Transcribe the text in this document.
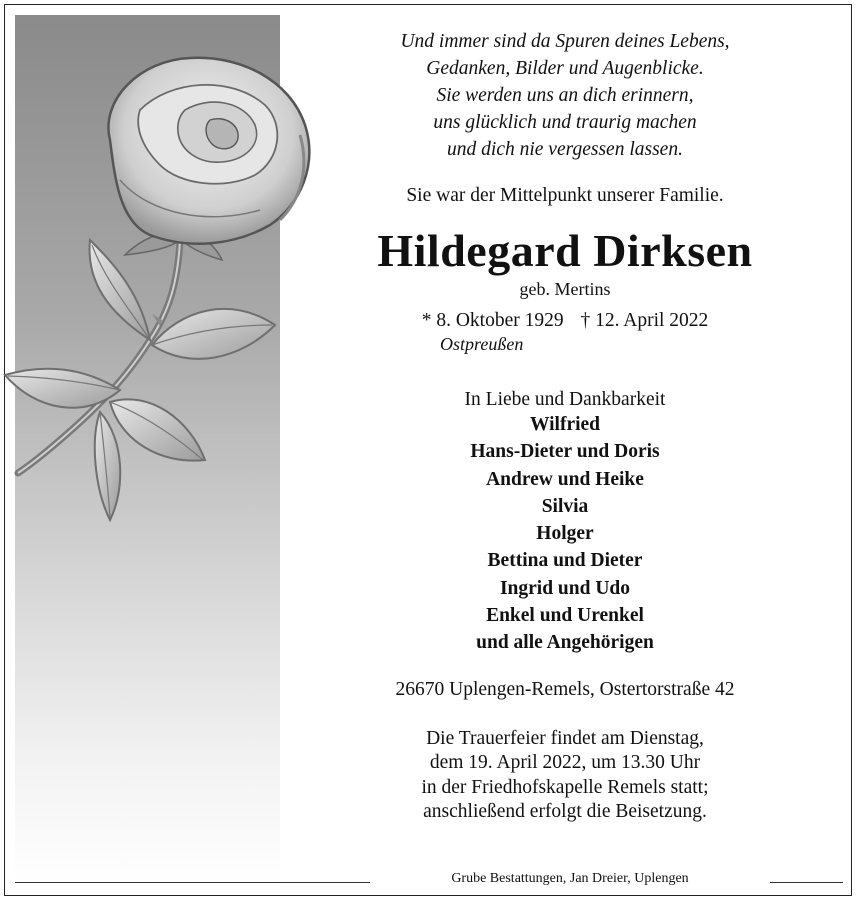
Und immer sind da Spuren deines Lebens,
Gedanken, Bilder und Augenblicke.
Sie werden uns an dich erinnern,
uns glücklich und traurig machen
und dich nie vergessen lassen.
Sie war der Mittelpunkt unserer Familie.
Hildegard Dirksen
geb. Mertins
* 8. Oktober 1929 † 12. April 2022
Ostpreußen
In Liebe und Dankbarkeit
Wilfried
Hans-Dieter und Doris
Andrew und Heike
Silvia
Holger
Bettina und Dieter
Ingrid und Udo
Enkel und Urenkel
und alle Angehörigen
26670 Uplengen-Remels, Ostertorstraße 42
Die Trauerfeier findet am Dienstag,
dem 19. April 2022, um 13.30 Uhr
in der Friedhofskapelle Remels statt;
anschließend erfolgt die Beisetzung.
Grube Bestattungen, Jan Dreier, Uplengen
